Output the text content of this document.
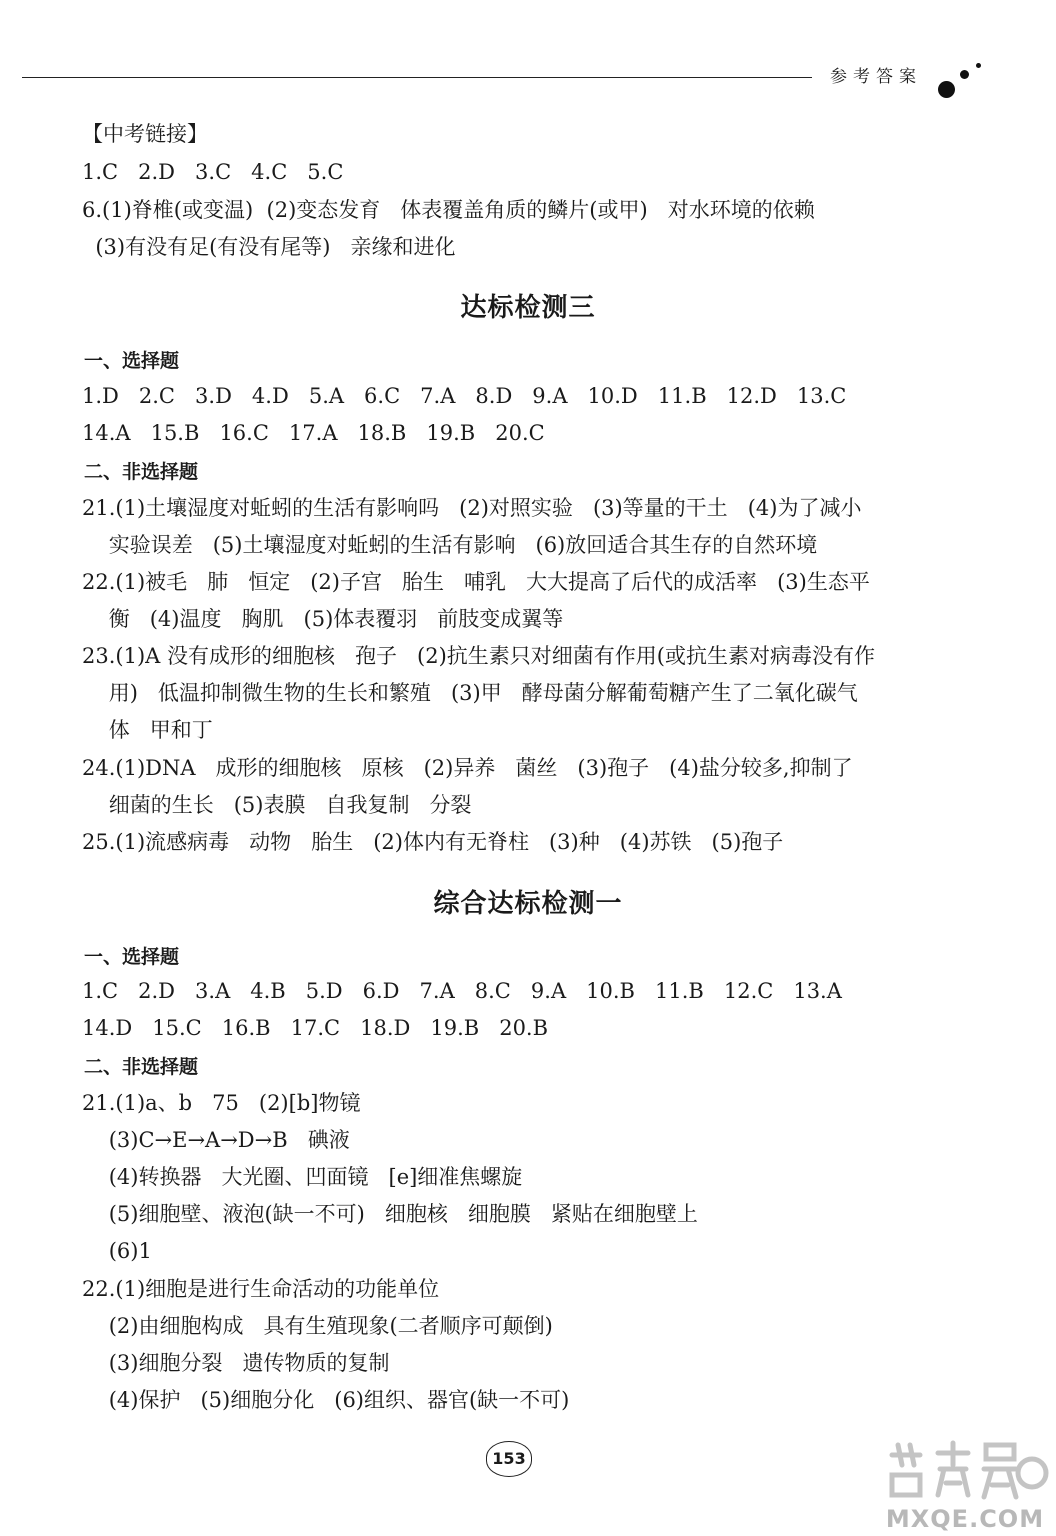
参考答案
【中考链接】
1.C   2.D   3.C   4.C   5.C
6.(1)脊椎(或变温)  (2)变态发育   体表覆盖角质的鳞片(或甲)   对水环境的依赖
(3)有没有足(有没有尾等)   亲缘和进化
达标检测三
一、选择题
1.D   2.C   3.D   4.D   5.A   6.C   7.A   8.D   9.A   10.D   11.B   12.D   13.C
14.A   15.B   16.C   17.A   18.B   19.B   20.C
二、非选择题
21.(1)土壤湿度对蚯蚓的生活有影响吗   (2)对照实验   (3)等量的干土   (4)为了减小
实验误差   (5)土壤湿度对蚯蚓的生活有影响   (6)放回适合其生存的自然环境
22.(1)被毛   肺   恒定   (2)子宫   胎生   哺乳   大大提高了后代的成活率   (3)生态平
衡   (4)温度   胸肌   (5)体表覆羽   前肢变成翼等
23.(1)A 没有成形的细胞核   孢子   (2)抗生素只对细菌有作用(或抗生素对病毒没有作
用)   低温抑制微生物的生长和繁殖   (3)甲   酵母菌分解葡萄糖产生了二氧化碳气
体   甲和丁
24.(1)DNA   成形的细胞核   原核   (2)异养   菌丝   (3)孢子   (4)盐分较多,抑制了
细菌的生长   (5)表膜   自我复制   分裂
25.(1)流感病毒   动物   胎生   (2)体内有无脊柱   (3)种   (4)苏铁   (5)孢子
综合达标检测一
一、选择题
1.C   2.D   3.A   4.B   5.D   6.D   7.A   8.C   9.A   10.B   11.B   12.C   13.A
14.D   15.C   16.B   17.C   18.D   19.B   20.B
二、非选择题
21.(1)a、b   75   (2)[b]物镜
(3)C→E→A→D→B   碘液
(4)转换器   大光圈、凹面镜   [e]细准焦螺旋
(5)细胞壁、液泡(缺一不可)   细胞核   细胞膜   紧贴在细胞壁上
(6)1
22.(1)细胞是进行生命活动的功能单位
(2)由细胞构成   具有生殖现象(二者顺序可颠倒)
(3)细胞分裂   遗传物质的复制
(4)保护   (5)细胞分化   (6)组织、器官(缺一不可)
153
MXQE.COM
